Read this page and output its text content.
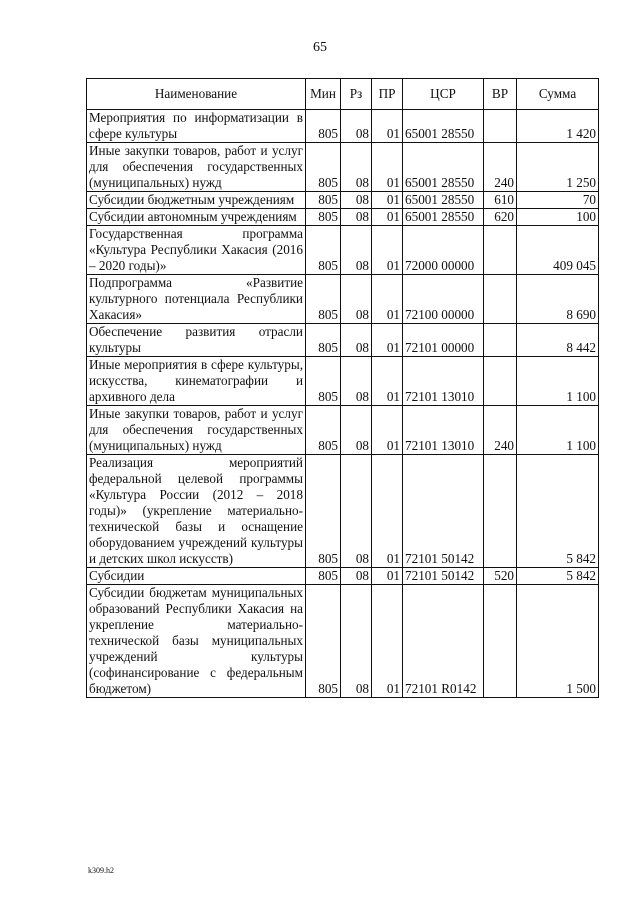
65
Наименование	Мин	Рз	ПР	ЦСР	ВР	Сумма
Мероприятия по информатизации в сфере культуры	805	08	01	65001 28550		1 420
Иные закупки товаров, работ и услуг для обеспечения государственных (муниципальных) нужд	805	08	01	65001 28550	240	1 250
Субсидии бюджетным учреждениям	805	08	01	65001 28550	610	70
Субсидии автономным учреждениям	805	08	01	65001 28550	620	100
Государственная программа «Культура Республики Хакасия (2016 – 2020 годы)»	805	08	01	72000 00000		409 045
Подпрограмма «Развитие культурного потенциала Республики Хакасия»	805	08	01	72100 00000		8 690
Обеспечение развития отрасли культуры	805	08	01	72101 00000		8 442
Иные мероприятия в сфере культуры, искусства, кинематографии и архивного дела	805	08	01	72101 13010		1 100
Иные закупки товаров, работ и услуг для обеспечения государственных (муниципальных) нужд	805	08	01	72101 13010	240	1 100
Реализация мероприятий федеральной целевой программы «Культура России (2012 – 2018 годы)» (укрепление материально-технической базы и оснащение оборудованием учреждений культуры и детских школ искусств)	805	08	01	72101 50142		5 842
Субсидии	805	08	01	72101 50142	520	5 842
Субсидии бюджетам муниципальных образований Республики Хакасия на укрепление материально-технической базы муниципальных учреждений культуры (софинансирование с федеральным бюджетом)	805	08	01	72101 R0142		1 500
k309.h2
